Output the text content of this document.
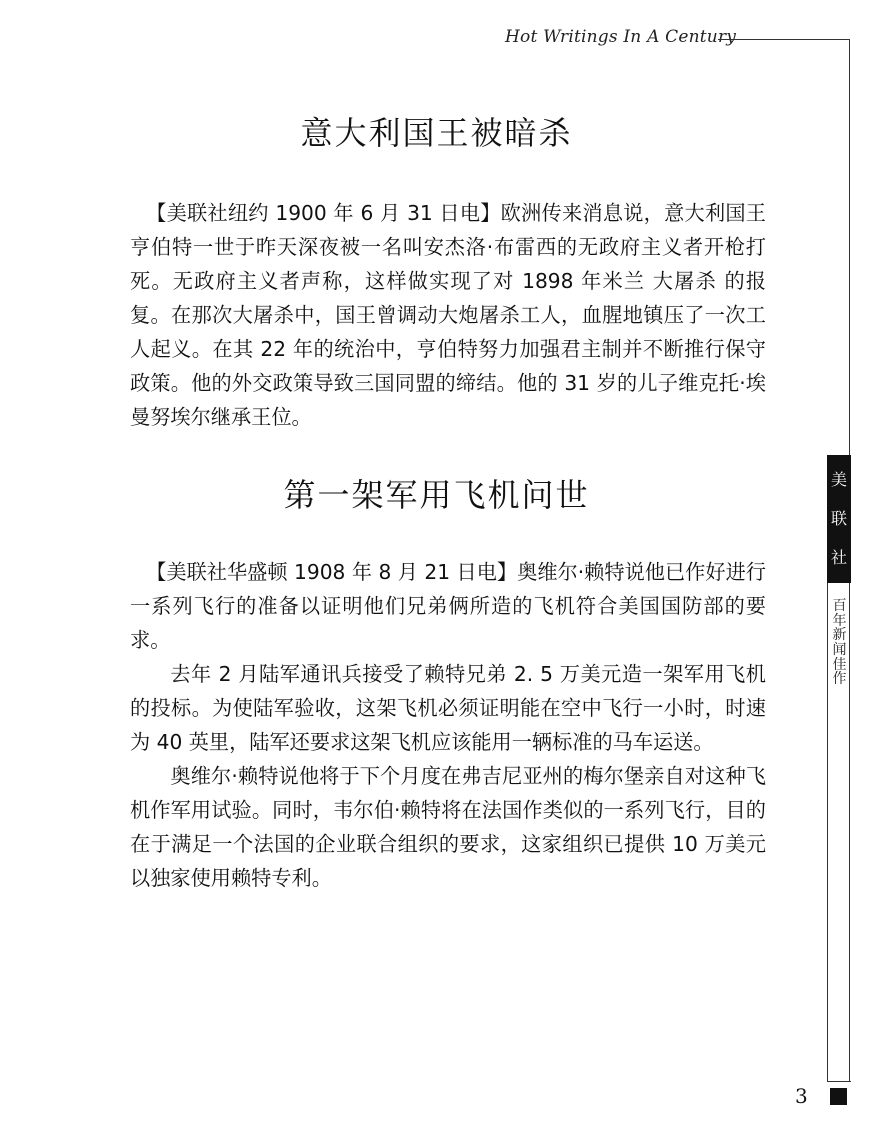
Hot Writings In A Century
美
联
社
百
年
新
闻
佳
作
意大利国王被暗杀

【美联社纽约 1900 年 6 月 31 日电】欧洲传来消息说，意大利国王亨伯特一世于昨天深夜被一名叫安杰洛·布雷西的无政府主义者开枪打死。无政府主义者声称，这样做实现了对 1898 年米兰 大屠杀 的报复。在那次大屠杀中，国王曾调动大炮屠杀工人，血腥地镇压了一次工人起义。在其 22 年的统治中，亨伯特努力加强君主制并不断推行保守政策。他的外交政策导致三国同盟的缔结。他的 31 岁的儿子维克托·埃曼努埃尔继承王位。

第一架军用飞机问世

【美联社华盛顿 1908 年 8 月 21 日电】奥维尔·赖特说他已作好进行一系列飞行的准备以证明他们兄弟俩所造的飞机符合美国国防部的要求。

去年 2 月陆军通讯兵接受了赖特兄弟 2. 5 万美元造一架军用飞机的投标。为使陆军验收，这架飞机必须证明能在空中飞行一小时，时速为 40 英里，陆军还要求这架飞机应该能用一辆标准的马车运送。

奥维尔·赖特说他将于下个月度在弗吉尼亚州的梅尔堡亲自对这种飞机作军用试验。同时，韦尔伯·赖特将在法国作类似的一系列飞行，目的在于满足一个法国的企业联合组织的要求，这家组织已提供 10 万美元以独家使用赖特专利。

3
